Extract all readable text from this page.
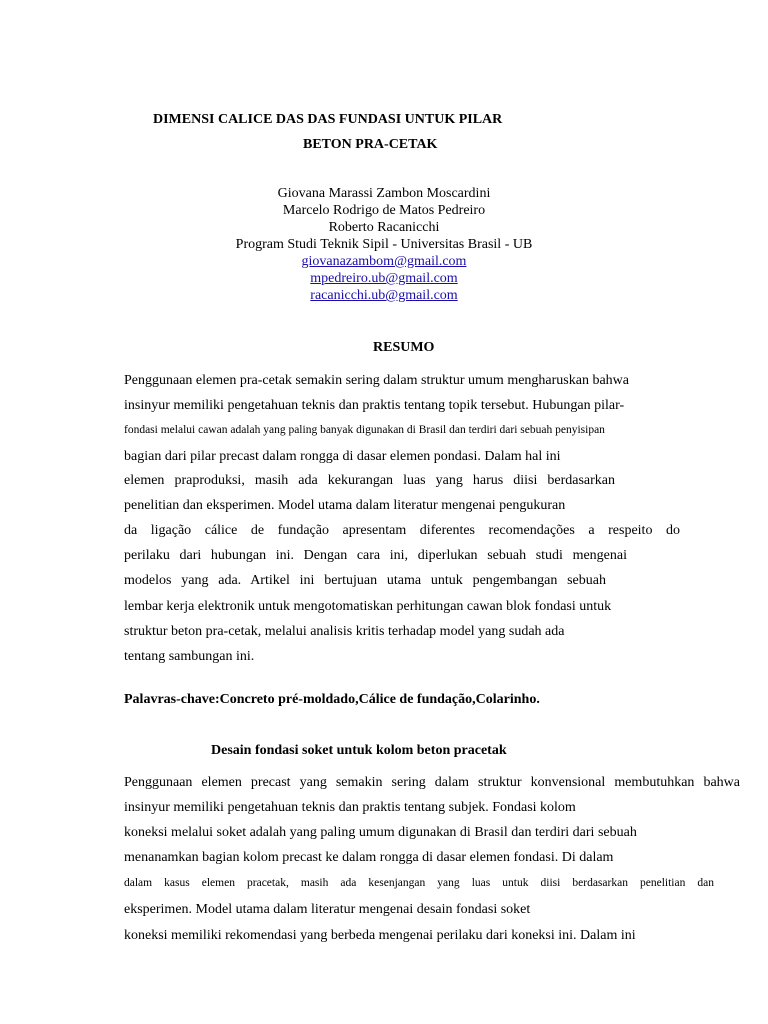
DIMENSI CALICE DAS DAS FUNDASI UNTUK PILAR
BETON PRA-CETAK
Giovana Marassi Zambon Moscardini
Marcelo Rodrigo de Matos Pedreiro
Roberto Racanicchi
Program Studi Teknik Sipil - Universitas Brasil - UB
giovanazambom@gmail.com
mpedreiro.ub@gmail.com
racanicchi.ub@gmail.com
RESUMO
Penggunaan elemen pra-cetak semakin sering dalam struktur umum mengharuskan bahwa
insinyur memiliki pengetahuan teknis dan praktis tentang topik tersebut. Hubungan pilar-
fondasi melalui cawan adalah yang paling banyak digunakan di Brasil dan terdiri dari sebuah penyisipan
bagian dari pilar precast dalam rongga di dasar elemen pondasi. Dalam hal ini
elemen praproduksi, masih ada kekurangan luas yang harus diisi berdasarkan
penelitian dan eksperimen. Model utama dalam literatur mengenai pengukuran
da ligação cálice de fundação apresentam diferentes recomendações a respeito do
perilaku dari hubungan ini. Dengan cara ini, diperlukan sebuah studi mengenai
modelos yang ada. Artikel ini bertujuan utama untuk pengembangan sebuah
lembar kerja elektronik untuk mengotomatiskan perhitungan cawan blok fondasi untuk
struktur beton pra-cetak, melalui analisis kritis terhadap model yang sudah ada
tentang sambungan ini.
Palavras-chave:Concreto pré-moldado,Cálice de fundação,Colarinho.
Desain fondasi soket untuk kolom beton pracetak
Penggunaan elemen precast yang semakin sering dalam struktur konvensional membutuhkan bahwa
insinyur memiliki pengetahuan teknis dan praktis tentang subjek. Fondasi kolom
koneksi melalui soket adalah yang paling umum digunakan di Brasil dan terdiri dari sebuah
menanamkan bagian kolom precast ke dalam rongga di dasar elemen fondasi. Di dalam
dalam kasus elemen pracetak, masih ada kesenjangan yang luas untuk diisi berdasarkan penelitian dan
eksperimen. Model utama dalam literatur mengenai desain fondasi soket
koneksi memiliki rekomendasi yang berbeda mengenai perilaku dari koneksi ini. Dalam ini
